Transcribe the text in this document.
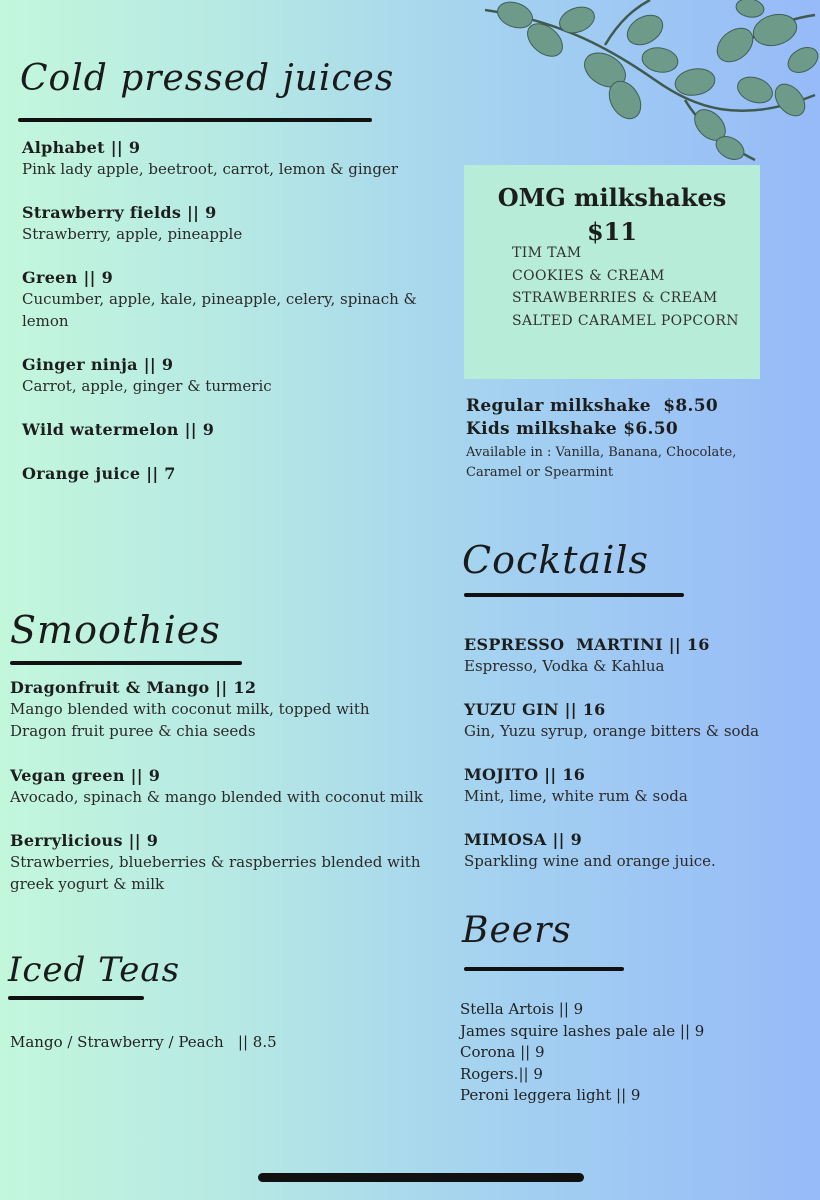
Cold pressed juices
Alphabet || 9
Pink lady apple, beetroot, carrot, lemon & ginger
Strawberry fields || 9
Strawberry, apple, pineapple
Green || 9
Cucumber, apple, kale, pineapple, celery, spinach & lemon
Ginger ninja || 9
Carrot, apple, ginger & turmeric
Wild watermelon || 9
Orange juice || 7
OMG milkshakes
$11
TIM TAM
COOKIES & CREAM
STRAWBERRIES & CREAM
SALTED CARAMEL POPCORN
Regular milkshake  $8.50
Kids milkshake $6.50
Available in : Vanilla, Banana, Chocolate,
Caramel or Spearmint
Cocktails
ESPRESSO  MARTINI || 16
Espresso, Vodka & Kahlua
YUZU GIN || 16
Gin, Yuzu syrup, orange bitters & soda
MOJITO || 16
Mint, lime, white rum & soda
MIMOSA || 9
Sparkling wine and orange juice.
Smoothies
Dragonfruit & Mango || 12
Mango blended with coconut milk, topped with Dragon fruit puree & chia seeds
Vegan green || 9
Avocado, spinach & mango blended with coconut milk
Berrylicious || 9
Strawberries, blueberries & raspberries blended with greek yogurt & milk
Iced Teas
Mango / Strawberry / Peach   || 8.5
Beers
Stella Artois || 9
James squire lashes pale ale || 9
Corona || 9
Rogers.|| 9
Peroni leggera light || 9
